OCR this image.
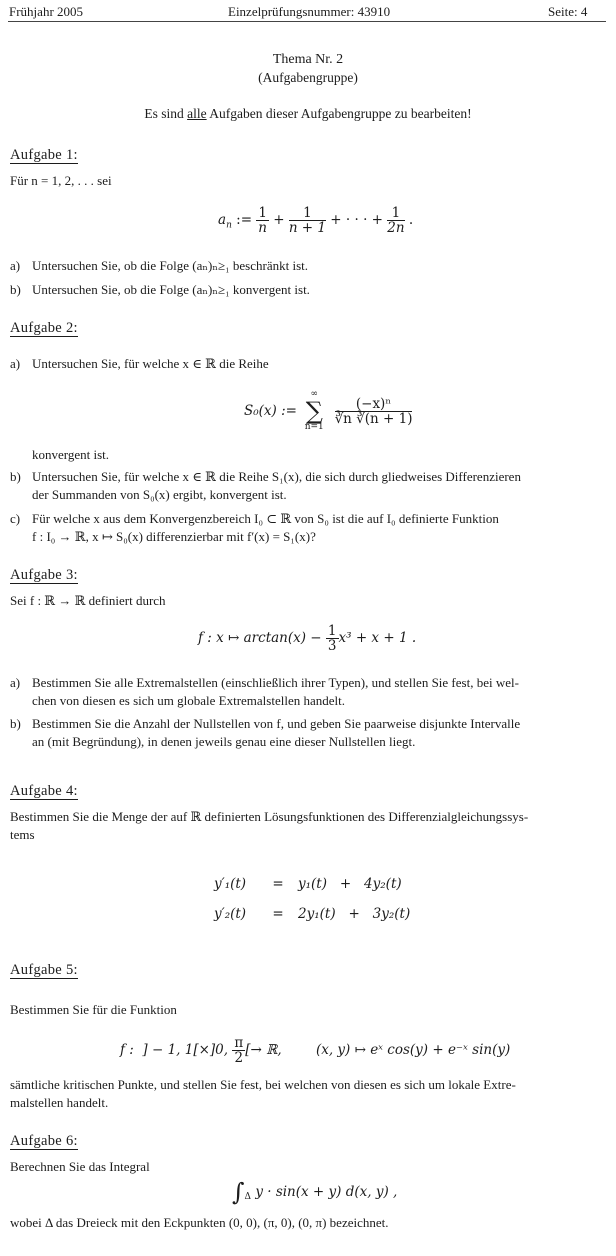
Frühjahr 2005	Einzelprüfungsnummer: 43910	Seite: 4
Thema Nr. 2
(Aufgabengruppe)
Es sind alle Aufgaben dieser Aufgabengruppe zu bearbeiten!
Aufgabe 1:
Für n = 1, 2, . . . sei
$a_n$ := $\frac{1}{n} + \frac{1}{n + 1}$ + · · · + $\frac{1}{2n}$ .
a) Untersuchen Sie, ob die Folge (aₙ)ₙ≥₁ beschränkt ist.
b) Untersuchen Sie, ob die Folge (aₙ)ₙ≥₁ konvergent ist.
Aufgabe 2:
a) Untersuchen Sie, für welche x ∈ ℝ die Reihe
S₀(x) :=
∞
∑
n=1

$\frac{\text{(−x)ⁿ}}{∛n ∛(n + 1)}$
konvergent ist.
b) Untersuchen Sie, für welche x ∈ ℝ die Reihe S₁(x), die sich durch gliedweises Differenzieren
der Summanden von S₀(x) ergibt, konvergent ist.
c) Für welche x aus dem Konvergenzbereich I₀ ⊂ ℝ von S₀ ist die auf I₀ definierte Funktion
f : I₀ → ℝ, x ↦ S₀(x) differenzierbar mit f′(x) = S₁(x)?
Aufgabe 3:
Sei f : ℝ → ℝ definiert durch
f : x ↦ $\arctan(x) - \frac{1}{3} x^3 + x + 1$ .
a) Bestimmen Sie alle Extremalstellen (einschließlich ihrer Typen), und stellen Sie fest, bei wel-
chen von diesen es sich um globale Extremalstellen handelt.
b) Bestimmen Sie die Anzahl der Nullstellen von f, und geben Sie paarweise disjunkte Intervalle
an (mit Begründung), in denen jeweils genau eine dieser Nullstellen liegt.
Aufgabe 4:
Bestimmen Sie die Menge der auf ℝ definierten Lösungsfunktionen des Differenzialgleichungssys-
tems
y′₁(t) = y₁(t)   +   4y₂(t)
y′₂(t) = 2y₁(t)   +   3y₂(t)
Aufgabe 5:
Bestimmen Sie für die Funktion
f :  ] − 1, 1[×]0, $\frac{\pi}{2}$ [→ ℝ,        (x, y) ↦ eˣ cos(y) + e⁻ˣ sin(y)
sämtliche kritischen Punkte, und stellen Sie fest, bei welchen von diesen es sich um lokale Extre-
malstellen handelt.
Aufgabe 6:
Berechnen Sie das Integral
$\int_\Delta$ y · sin(x + y) d(x, y) ,
wobei Δ das Dreieck mit den Eckpunkten (0, 0), (π, 0), (0, π) bezeichnet.
